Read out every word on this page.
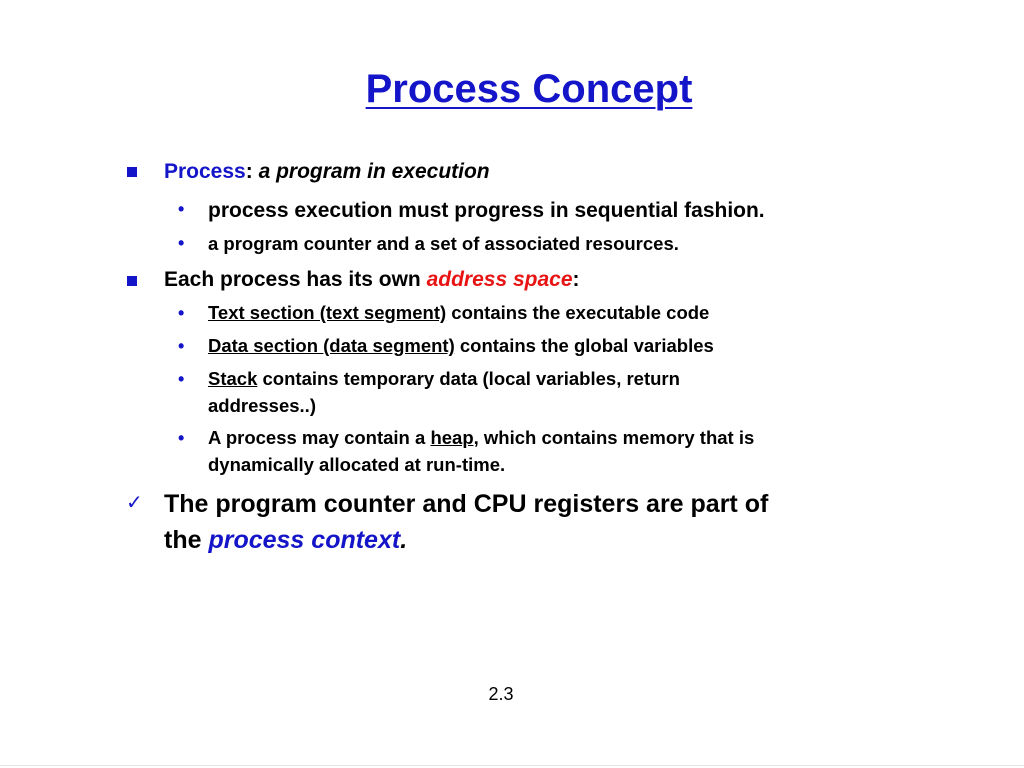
Process Concept
Process: a program in execution
• process execution must progress in sequential fashion.
• a program counter and a set of associated resources.
Each process has its own address space:
• Text section (text segment) contains the executable code
• Data section (data segment) contains the global variables
• Stack contains temporary data (local variables, return
addresses..)
• A process may contain a heap, which contains memory that is
dynamically allocated at run-time.
✓ The program counter and CPU registers are part of
the process context.
2.3
